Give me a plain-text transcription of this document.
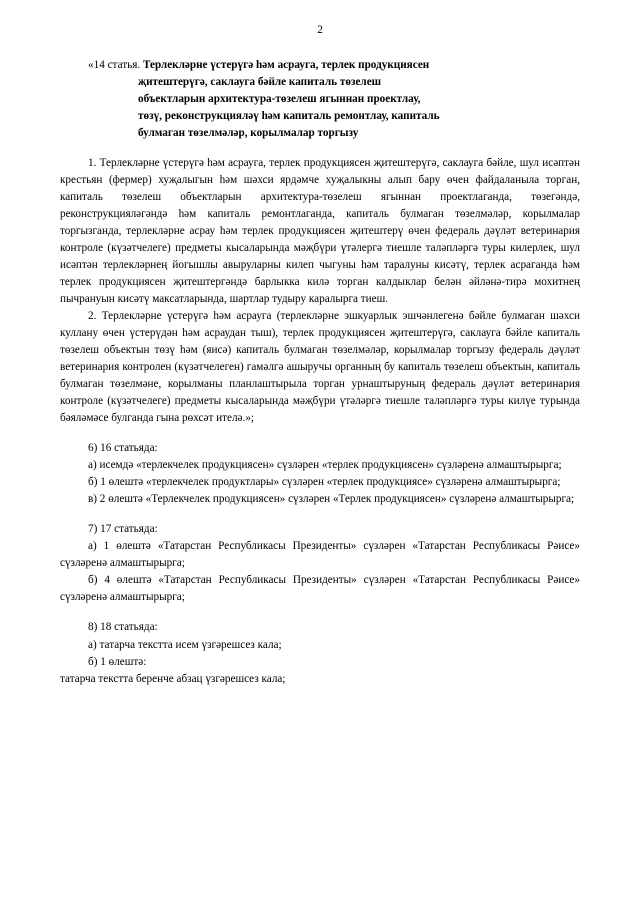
2

«14 статья. Терлекләрне үстерүгә һәм асрауга, терлек продукциясен

җитештерүгә, саклауга бәйле капиталь төзелеш

объектларын архитектура-төзелеш ягыннан проектлау,

төзү, реконструкцияләү һәм капиталь ремонтлау, капиталь

булмаган төзелмәләр, корылмалар торгызу

1. Терлекләрне үстерүгә һәм асрауга, терлек продукциясен җитештерүгә, саклауга бәйле, шул исәптән крестьян (фермер) хуҗалыгын һәм шәхси ярдәмче хуҗалыкны алып бару өчен файдаланыла торган, капиталь төзелеш объектларын архитектура-төзелеш ягыннан проектлаганда, төзегәндә, реконструкцияләгәндә һәм капиталь ремонтлаганда, капиталь булмаган төзелмәләр, корылмалар торгызганда, терлекләрне асрау һәм терлек продукциясен җитештерү өчен федераль дәүләт ветеринария контроле (күзәтчелеге) предметы кысаларында мәҗбүри үтәлергә тиешле таләпләргә туры килерлек, шул исәптән терлекләрнең йогышлы авыруларны килеп чыгуны һәм таралуны кисәтү, терлек асраганда һәм терлек продукциясен җитештергәндә барлыкка килә торган калдыклар белән әйләнә-тирә мохитнең пычрануын кисәтү максатларында, шартлар тудыру каралырга тиеш.

2. Терлекләрне үстерүгә һәм асрауга (терлекләрне эшкуарлык эшчәнлегенә бәйле булмаган шәхси куллану өчен үстерүдән һәм асраудан тыш), терлек продукциясен җитештерүгә, саклауга бәйле капиталь төзелеш объектын төзү һәм (яисә) капиталь булмаган төзелмәләр, корылмалар торгызу федераль дәүләт ветеринария контролен (күзәтчелеген) гамәлгә ашыручы органның бу капиталь төзелеш объектын, капиталь булмаган төзелмәне, корылманы планлаштырыла торган урнаштыруның федераль дәүләт ветеринария контроле (күзәтчелеге) предметы кысаларында мәҗбүри үтәләргә тиешле таләпләргә туры килүе турында бәяләмәсе булганда гына рөхсәт ителә.»;

6) 16 статьяда:

а) исемдә «терлекчелек продукциясен» сүзләрен «терлек продукциясен» сүзләренә алмаштырырга;

б) 1 өлештә «терлекчелек продуктлары» сүзләрен «терлек продукциясе» сүзләренә алмаштырырга;

в) 2 өлештә «Терлекчелек продукциясен» сүзләрен «Терлек продукциясен» сүзләренә алмаштырырга;

7) 17 статьяда:

а) 1 өлештә «Татарстан Республикасы Президенты» сүзләрен «Татарстан Республикасы Рәисе» сүзләренә алмаштырырга;

б) 4 өлештә «Татарстан Республикасы Президенты» сүзләрен «Татарстан Республикасы Рәисе» сүзләренә алмаштырырга;

8) 18 статьяда:

а) татарча текстта исем үзгәрешсез кала;

б) 1 өлештә:

татарча текстта беренче абзац үзгәрешсез кала;
